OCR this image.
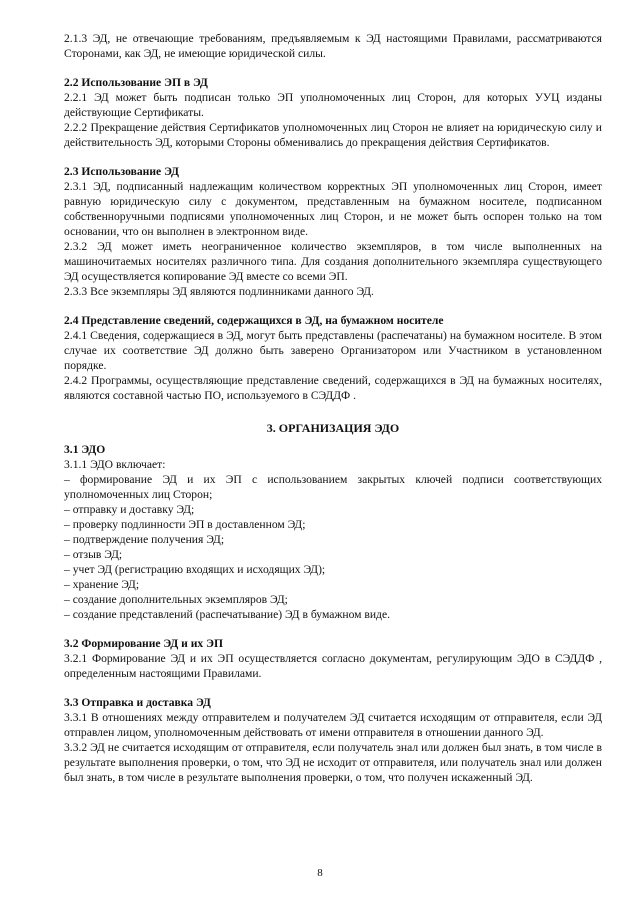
2.1.3 ЭД, не отвечающие требованиям, предъявляемым к ЭД настоящими Правилами, рассматриваются Сторонами, как ЭД, не имеющие юридической силы.

2.2 Использование ЭП в ЭД

2.2.1 ЭД может быть подписан только ЭП уполномоченных лиц Сторон, для которых УУЦ изданы действующие Сертификаты.

2.2.2 Прекращение действия Сертификатов уполномоченных лиц Сторон не влияет на юридическую силу и действительность ЭД, которыми Стороны обменивались до прекращения действия Сертификатов.

2.3 Использование ЭД

2.3.1 ЭД, подписанный надлежащим количеством корректных ЭП уполномоченных лиц Сторон, имеет равную юридическую силу с документом, представленным на бумажном носителе, подписанном собственноручными подписями уполномоченных лиц Сторон, и не может быть оспорен только на том основании, что он выполнен в электронном виде.

2.3.2 ЭД может иметь неограниченное количество экземпляров, в том числе выполненных на машиночитаемых носителях различного типа. Для создания дополнительного экземпляра существующего ЭД осуществляется копирование ЭД вместе со всеми ЭП.

2.3.3 Все экземпляры ЭД являются подлинниками данного ЭД.

2.4 Представление сведений, содержащихся в ЭД, на бумажном носителе

2.4.1 Сведения, содержащиеся в ЭД, могут быть представлены (распечатаны) на бумажном носителе. В этом случае их соответствие ЭД должно быть заверено Организатором или Участником в установленном порядке.

2.4.2 Программы, осуществляющие представление сведений, содержащихся в ЭД на бумажных носителях, являются составной частью ПО, используемого в СЭДДФ .

3. ОРГАНИЗАЦИЯ ЭДО

3.1 ЭДО

3.1.1 ЭДО включает:

– формирование ЭД и их ЭП с использованием закрытых ключей подписи соответствующих уполномоченных лиц Сторон;

– отправку и доставку ЭД;

– проверку подлинности ЭП в доставленном ЭД;

– подтверждение получения ЭД;

– отзыв ЭД;

– учет ЭД (регистрацию входящих и исходящих ЭД);

– хранение ЭД;

– создание дополнительных экземпляров ЭД;

– создание представлений (распечатывание) ЭД в бумажном виде.

3.2 Формирование ЭД и их ЭП

3.2.1 Формирование ЭД и их ЭП осуществляется согласно документам, регулирующим ЭДО в СЭДДФ , определенным настоящими Правилами.

3.3 Отправка и доставка ЭД

3.3.1 В отношениях между отправителем и получателем ЭД считается исходящим от отправителя, если ЭД отправлен лицом, уполномоченным действовать от имени отправителя в отношении данного ЭД.

3.3.2 ЭД не считается исходящим от отправителя, если получатель знал или должен был знать, в том числе в результате выполнения проверки, о том, что ЭД не исходит от отправителя, или получатель знал или должен был знать, в том числе в результате выполнения проверки, о том, что получен искаженный ЭД.

8
